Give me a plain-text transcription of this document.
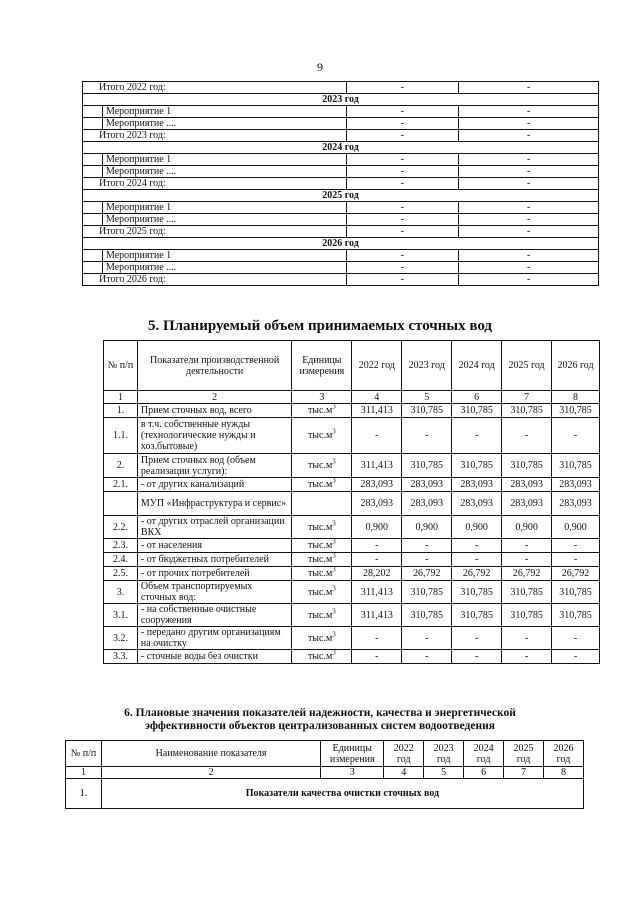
9
Итого 2022 год:		-	-
2023 год			
	Мероприятие 1	-	-
	Мероприятие ....	-	-
Итого 2023 год:		-	-
2024 год			
	Мероприятие 1	-	-
	Мероприятие ....	-	-
Итого 2024 год:		-	-
2025 год			
	Мероприятие 1	-	-
	Мероприятие ....	-	-
Итого 2025 год:		-	-
2026 год			
	Мероприятие 1	-	-
	Мероприятие ....	-	-
Итого 2026 год:		-	-
5. Планируемый объем принимаемых сточных вод
№ п/п	Показатели производственной деятельности	Единицы измерения	2022 год	2023 год	2024 год	2025 год	2026 год
1	2	3	4	5	6	7	8
1.	Прием сточных вод, всего	$тыс.м^3$	311,413	310,785	310,785	310,785	310,785
1.1.	в т.ч. собственные нужды (технологические нужды и хоз.бытовые)	$тыс.м^3$	-	-	-	-	-
2.	Прием сточных вод (объем реализации услуги):	$тыс.м^3$	311,413	310,785	310,785	310,785	310,785
2.1.	- от других канализаций	$тыс.м^3$	283,093	283,093	283,093	283,093	283,093
	МУП «Инфраструктура и сервис»		283,093	283,093	283,093	283,093	283,093
2.2.	- от других отраслей организации ВКХ	$тыс.м^3$	0,900	0,900	0,900	0,900	0,900
2.3.	- от населения	$тыс.м^3$	-	-	-	-	-
2.4.	- от бюджетных потребителей	$тыс.м^3$	-	-	-	-	-
2.5.	- от прочих потребителей	$тыс.м^3$	28,202	26,792	26,792	26,792	26,792
3.	Объем транспортируемых сточных вод:	$тыс.м^3$	311,413	310,785	310,785	310,785	310,785
3.1.	- на собственные очистные сооружения	$тыс.м^3$	311,413	310,785	310,785	310,785	310,785
3.2.	- передано другим организациям на очистку	$тыс.м^3$	-	-	-	-	-
3.3.	- сточные воды без очистки	$тыс.м^3$	-	-	-	-	-
6. Плановые значения показателей надежности, качества и энергетической
эффективности объектов централизованных систем водоотведения
№ п/п	Наименование показателя	Единицы измерения	2022 год	2023 год	2024 год	2025 год	2026 год
1	2	3	4	5	6	7	8
1.	Показатели качества очистки сточных вод						
